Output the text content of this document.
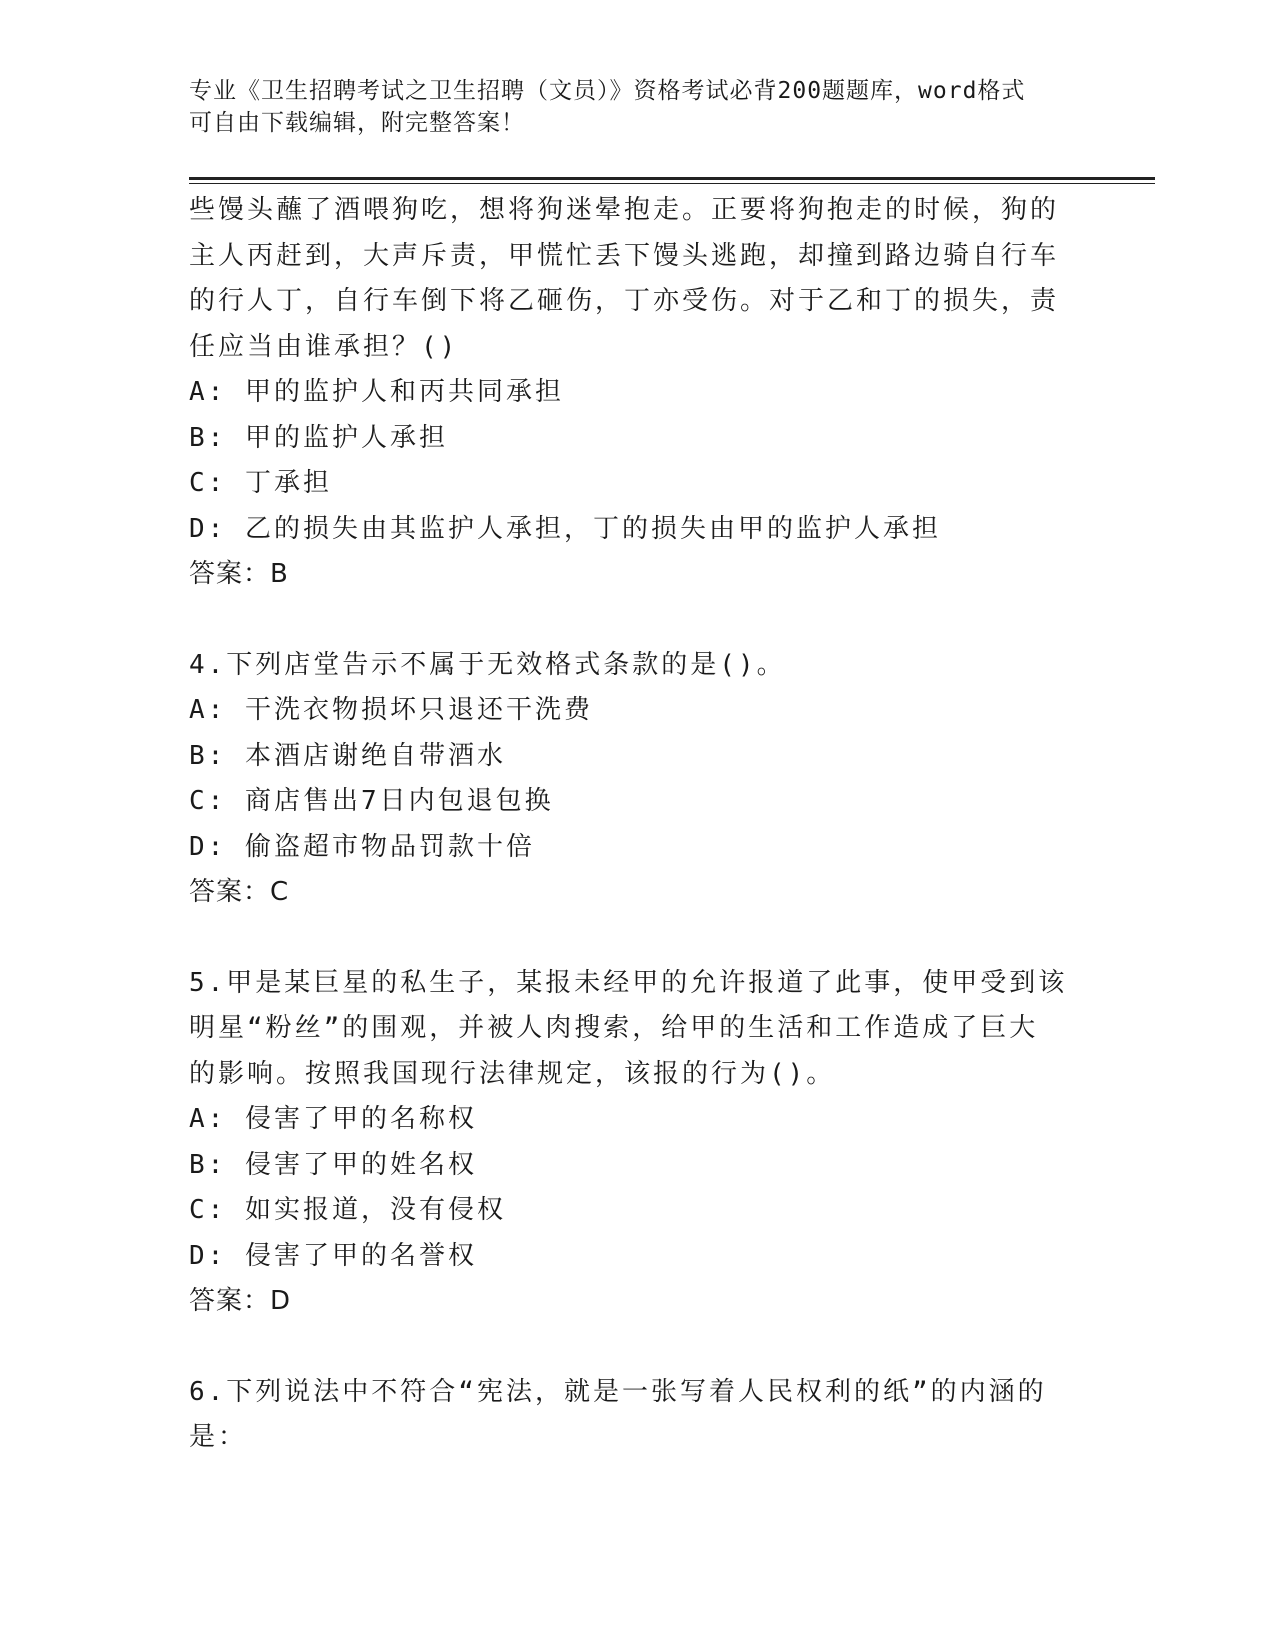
专业《卫生招聘考试之卫生招聘（文员）》资格考试必背200题题库，word格式
可自由下载编辑，附完整答案！
些馒头蘸了酒喂狗吃，想将狗迷晕抱走。正要将狗抱走的时候，狗的
主人丙赶到，大声斥责，甲慌忙丢下馒头逃跑，却撞到路边骑自行车
的行人丁，自行车倒下将乙砸伤，丁亦受伤。对于乙和丁的损失，责
任应当由谁承担？()
A: 甲的监护人和丙共同承担
B: 甲的监护人承担
C: 丁承担
D: 乙的损失由其监护人承担，丁的损失由甲的监护人承担
答案：B
4.下列店堂告示不属于无效格式条款的是()。
A: 干洗衣物损坏只退还干洗费
B: 本酒店谢绝自带酒水
C: 商店售出7日内包退包换
D: 偷盗超市物品罚款十倍
答案：C
5.甲是某巨星的私生子，某报未经甲的允许报道了此事，使甲受到该
明星“粉丝”的围观，并被人肉搜索，给甲的生活和工作造成了巨大
的影响。按照我国现行法律规定，该报的行为()。
A: 侵害了甲的名称权
B: 侵害了甲的姓名权
C: 如实报道，没有侵权
D: 侵害了甲的名誉权
答案：D
6.下列说法中不符合“宪法，就是一张写着人民权利的纸”的内涵的
是：
